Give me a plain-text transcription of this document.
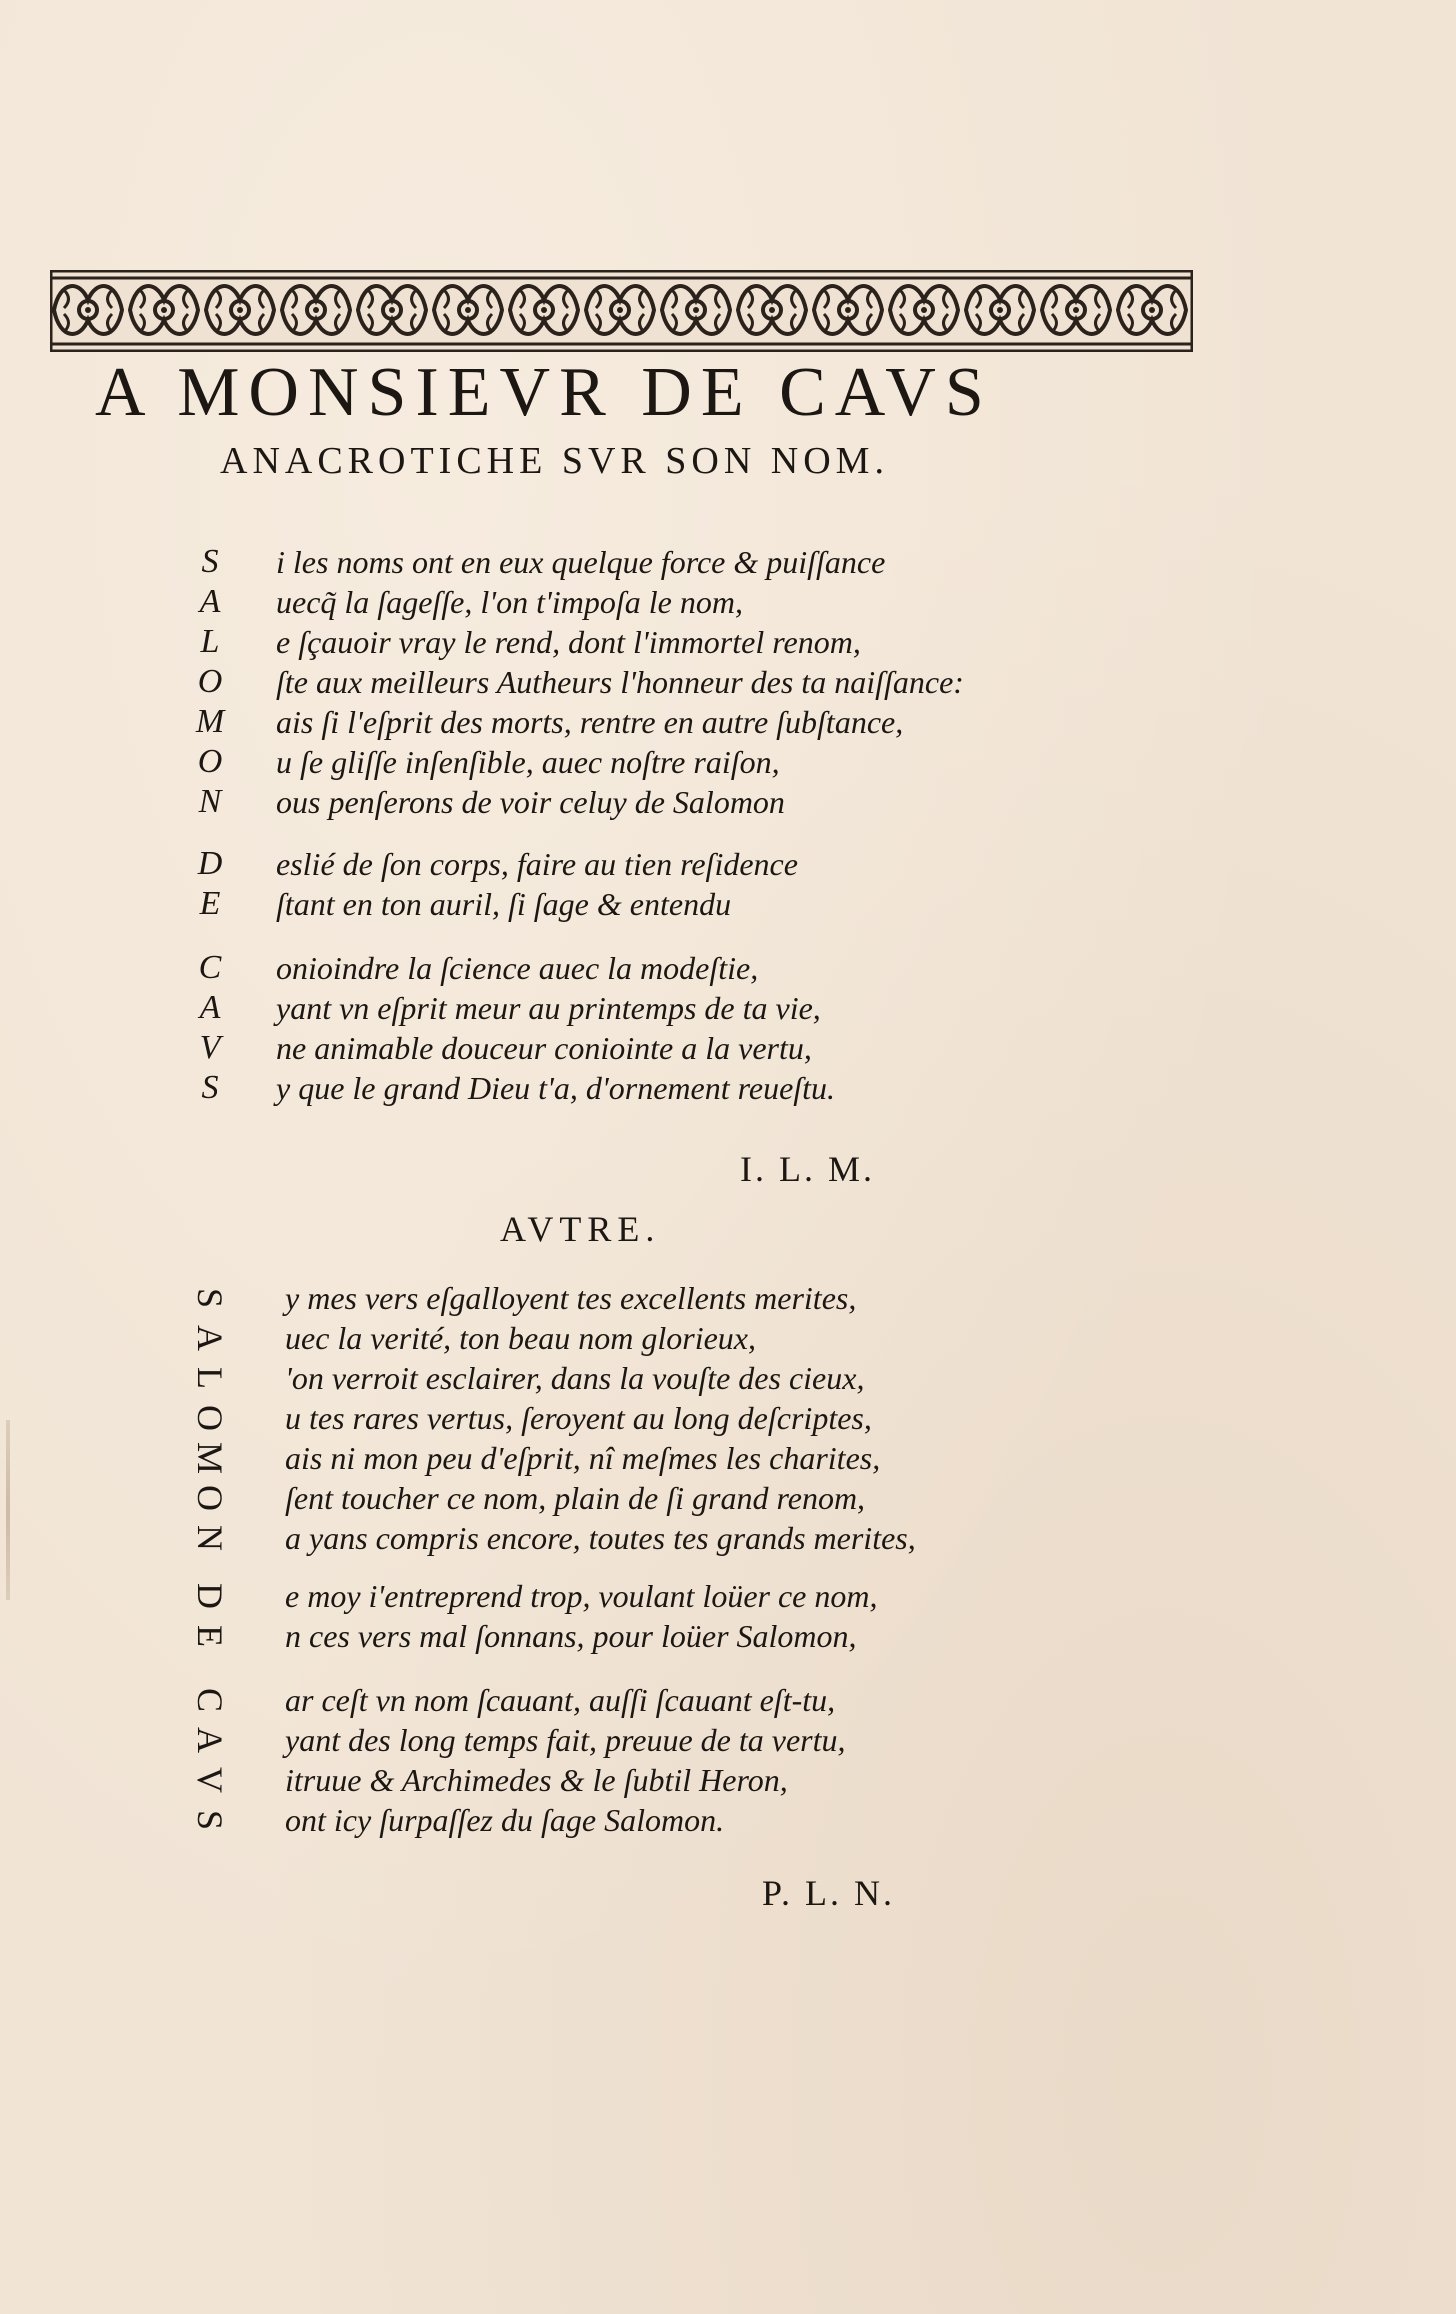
A MONSIEVR DE CAVS
ANACROTICHE SVR SON NOM.
S	i les noms ont en eux quelque force & puiſſance
A	uecq̃ la ſageſſe, l'on t'impoſa le nom,
L	e ſçauoir vray le rend, dont l'immortel renom,
O ſte aux meilleurs Autheurs l'honneur des ta naiſſance:
M ais ſi l'eſprit des morts, rentre en autre ſubſtance,
O u ſe gliſſe inſenſible, auec noſtre raiſon,
N ous penſerons de voir celuy de Salomon
D eslié de ſon corps, faire au tien reſidence
E	ſtant en ton auril, ſi ſage & entendu
C onioindre la ſcience auec la modeſtie,
A	yant vn eſprit meur au printemps de ta vie,
V	ne animable douceur coniointe a la vertu,
S	y que le grand Dieu t'a, d'ornement reueſtu.
I. L. M.
AVTRE.
S y mes vers eſgalloyent tes excellents merites,
A uec la verité, ton beau nom glorieux,
L 'on verroit esclairer, dans la vouſte des cieux,
O u tes rares vertus, ſeroyent au long deſcriptes,
M ais ni mon peu d'eſprit, nî meſmes les charites,
O ſent toucher ce nom, plain de ſi grand renom,
N a yans compris encore, toutes tes grands merites,
D e moy i'entreprend trop, voulant loüer ce nom,
E n ces vers mal ſonnans, pour loüer Salomon,
C ar ceſt vn nom ſcauant, auſſi ſcauant eſt-tu,
A yant des long temps fait, preuue de ta vertu,
V itruue & Archimedes & le ſubtil Heron,
S ont icy ſurpaſſez du ſage Salomon.
P. L. N.
